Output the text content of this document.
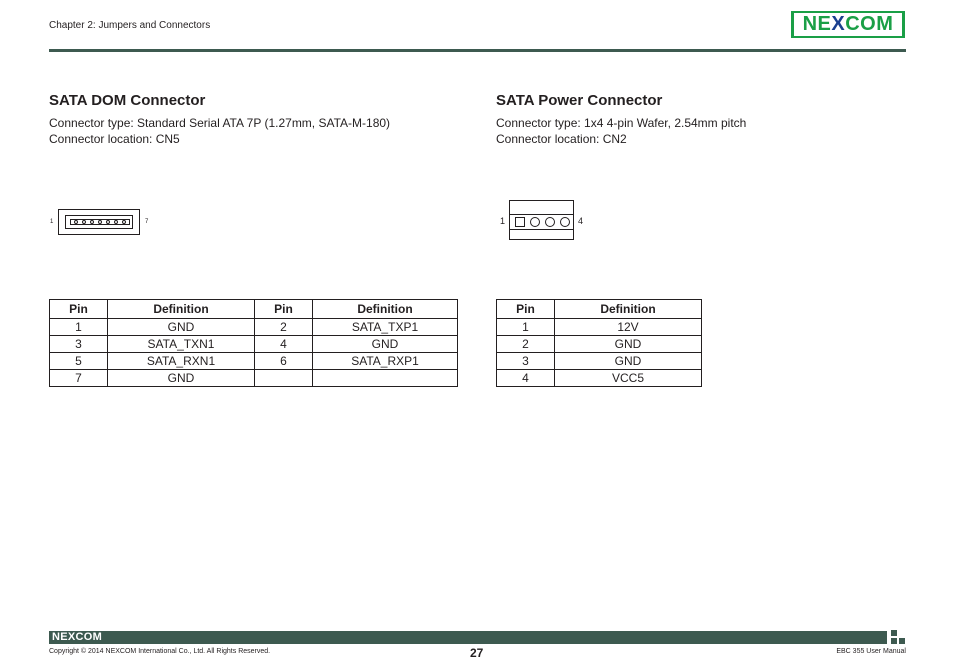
Chapter 2: Jumpers and Connectors	NE X COM
SATA DOM Connector
Connector type: Standard Serial ATA 7P (1.27mm, SATA-M-180)
Connector location: CN5
1	7
Pin	Definition	Pin	Definition
1	GND	2	SATA_TXP1
3	SATA_TXN1	4	GND
5	SATA_RXN1	6	SATA_RXP1
7	GND		
SATA Power Connector
Connector type: 1x4 4-pin Wafer, 2.54mm pitch
Connector location: CN2
1	4
Pin	Definition
1	12V
2	GND
3	GND
4	VCC5
NEXCOM
Copyright © 2014 NEXCOM International Co., Ltd. All Rights Reserved.	27	EBC 355 User Manual
